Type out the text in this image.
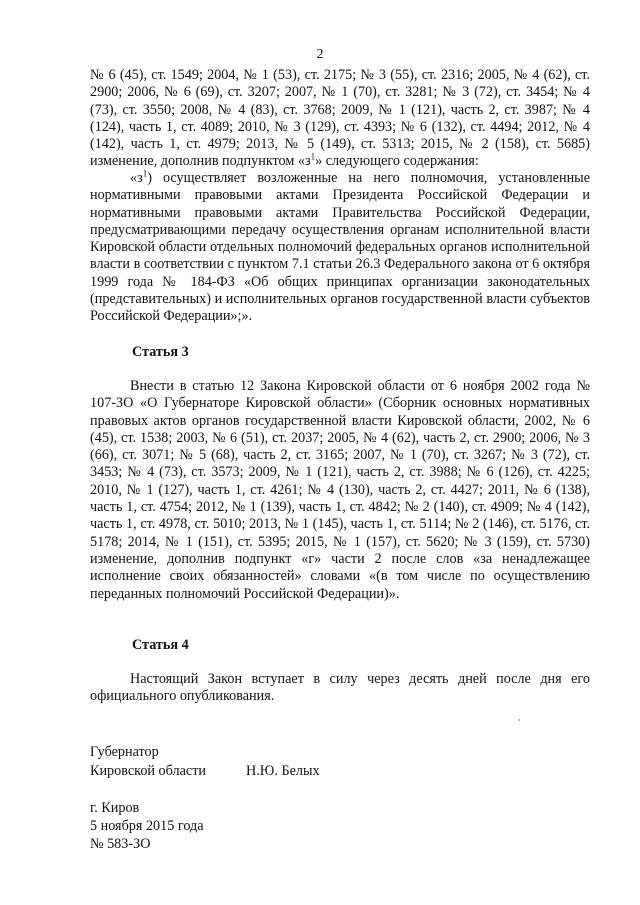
2

№ 6 (45), ст. 1549; 2004, № 1 (53), ст. 2175; № 3 (55), ст. 2316; 2005, № 4 (62), ст. 2900; 2006, № 6 (69), ст. 3207; 2007, № 1 (70), ст. 3281; № 3 (72), ст. 3454; № 4 (73), ст. 3550; 2008, № 4 (83), ст. 3768; 2009, № 1 (121), часть 2, ст. 3987; № 4 (124), часть 1, ст. 4089; 2010, № 3 (129), ст. 4393; № 6 (132), ст. 4494; 2012, № 4 (142), часть 1, ст. 4979; 2013, № 5 (149), ст. 5313; 2015, № 2 (158), ст. 5685) изменение, дополнив подпунктом «$з^1$» следующего содержания:

«$з^1$) осуществляет возложенные на него полномочия, установленные нормативными правовыми актами Президента Российской Федерации и нормативными правовыми актами Правительства Российской Федерации, предусматривающими передачу осуществления органам исполнительной власти Кировской области отдельных полномочий федеральных органов исполнительной власти в соответствии с пунктом 7.1 статьи 26.3 Федерального закона от 6 октября 1999 года № 184-ФЗ «Об общих принципах организации законодательных (представительных) и исполнительных органов государственной власти субъектов Российской Федерации»;».

Статья 3

Внести в статью 12 Закона Кировской области от 6 ноября 2002 года № 107-ЗО «О Губернаторе Кировской области» (Сборник основных нормативных правовых актов органов государственной власти Кировской области, 2002, № 6 (45), ст. 1538; 2003, № 6 (51), ст. 2037; 2005, № 4 (62), часть 2, ст. 2900; 2006, № 3 (66), ст. 3071; № 5 (68), часть 2, ст. 3165; 2007, № 1 (70), ст. 3267; № 3 (72), ст. 3453; № 4 (73), ст. 3573; 2009, № 1 (121), часть 2, ст. 3988; № 6 (126), ст. 4225; 2010, № 1 (127), часть 1, ст. 4261; № 4 (130), часть 2, ст. 4427; 2011, № 6 (138), часть 1, ст. 4754; 2012, № 1 (139), часть 1, ст. 4842; № 2 (140), ст. 4909; № 4 (142), часть 1, ст. 4978, ст. 5010; 2013, № 1 (145), часть 1, ст. 5114; № 2 (146), ст. 5176, ст. 5178; 2014, № 1 (151), ст. 5395; 2015, № 1 (157), ст. 5620; № 3 (159), ст. 5730) изменение, дополнив подпункт «г» части 2 после слов «за ненадлежащее исполнение своих обязанностей» словами «(в том числе по осуществлению переданных полномочий Российской Федерации)».

Статья 4

Настоящий Закон вступает в силу через десять дней после дня его официального опубликования.

Губернатор
Кировской области	Н.Ю. Белых
г. Киров
5 ноября 2015 года
№ 583-ЗО
